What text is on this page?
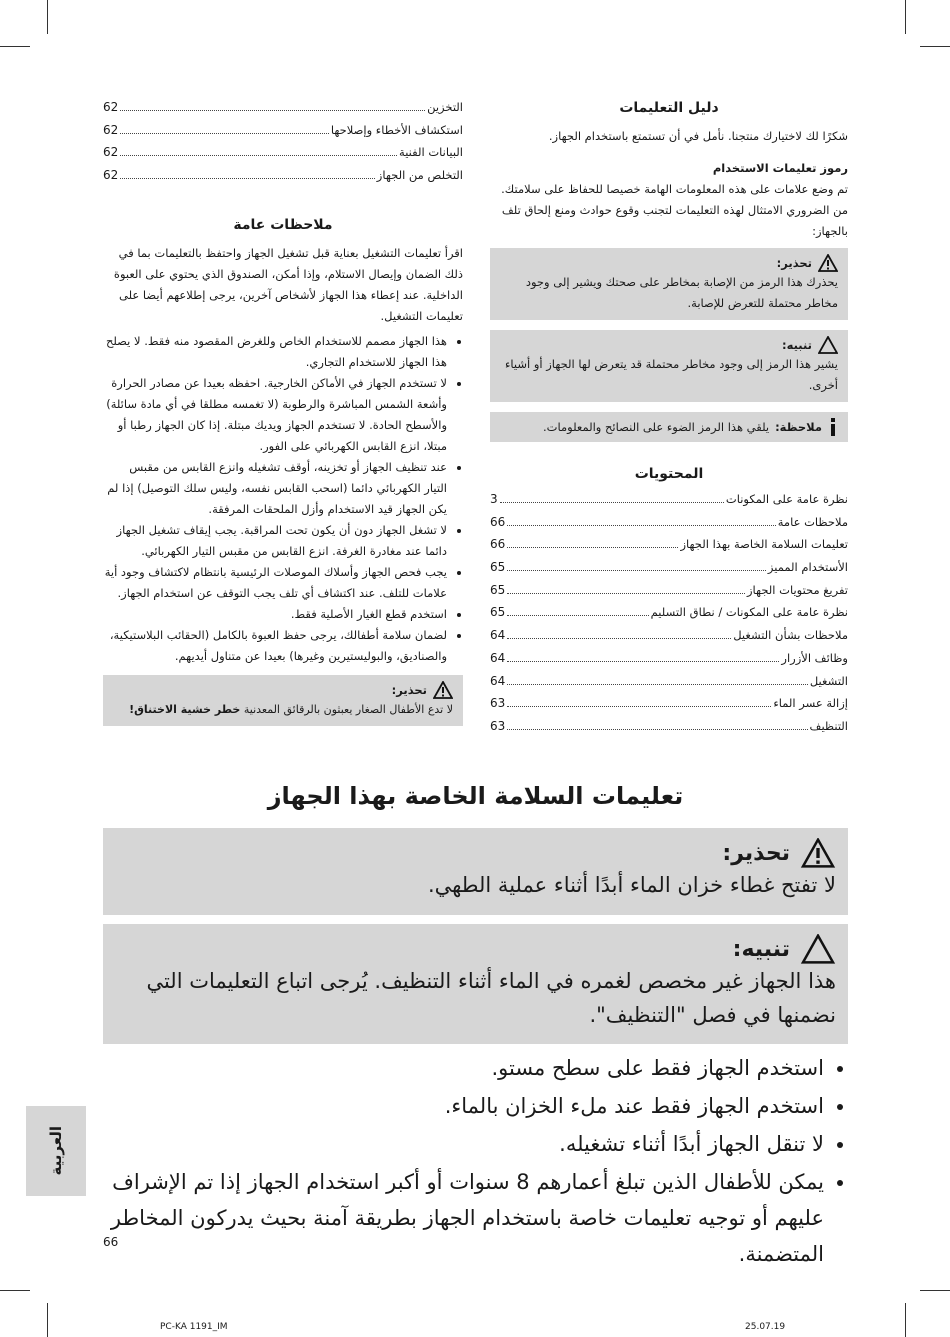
دليل التعليمات

شكرًا لك لاختيارك منتجنا. نأمل في أن تستمتع باستخدام الجهاز.

رموز تعليمات الاستخدام

تم وضع علامات على هذه المعلومات الهامة خصيصا للحفاظ على سلامتك. من الضروري الامتثال لهذه التعليمات لتجنب وقوع حوادث ومنع إلحاق تلف بالجهاز:

تحذير:
يحذرك هذا الرمز من الإصابة بمخاطر على صحتك ويشير إلى وجود مخاطر محتملة للتعرض للإصابة.
تنبيه:
يشير هذا الرمز إلى وجود مخاطر محتملة قد يتعرض لها الجهاز أو أشياء أخرى.
ملاحظة:
يلقي هذا الرمز الضوء على النصائح والمعلومات.
المحتويات
نظرة عامة على المكونات
3
ملاحظات عامة
66
تعليمات السلامة الخاصة بهذا الجهاز
66
الأستخدام المميز
65
تفريغ محتويات الجهاز
65
نظرة عامة على المكونات / نطاق التسليم
65
ملاحظات بشأن التشغيل
64
وظائف الأزرار
64
التشغيل
64
إزالة عسر الماء
63
التنظيف
63
التخزين
62
استكشاف الأخطاء وإصلاحها
62
البيانات الفنية
62
التخلص من الجهاز
62
ملاحظات عامة

اقرأ تعليمات التشغيل بعناية قبل تشغيل الجهاز واحتفظ بالتعليمات بما في ذلك الضمان وإيصال الاستلام، وإذا أمكن، الصندوق الذي يحتوي على العبوة الداخلية. عند إعطاء هذا الجهاز لأشخاص آخرين، يرجى إطلاعهم أيضا على تعليمات التشغيل.

• هذا الجهاز مصمم للاستخدام الخاص وللغرض المقصود منه فقط. لا يصلح هذا الجهاز للاستخدام التجاري.
• لا تستخدم الجهاز في الأماكن الخارجية. احفظه بعيدا عن مصادر الحرارة وأشعة الشمس المباشرة والرطوبة (لا تغمسه مطلقا في أي مادة سائلة) والأسطح الحادة. لا تستخدم الجهاز ويديك مبتلة. إذا كان الجهاز رطبا أو مبتلا، انزع القابس الكهربائي على الفور.
• عند تنظيف الجهاز أو تخزينه، أوقف تشغيله وانزع القابس من مقبس التيار الكهربائي دائما (اسحب القابس نفسه، وليس سلك التوصيل) إذا لم يكن الجهاز قيد الاستخدام وأزل الملحقات المرفقة.
• لا تشغل الجهاز دون أن يكون تحت المراقبة. يجب إيقاف تشغيل الجهاز دائما عند مغادرة الغرفة. انزع القابس من مقبس التيار الكهربائي.
• يجب فحص الجهاز وأسلاك الموصلات الرئيسية بانتظام لاكتشاف وجود أية علامات للتلف. عند اكتشاف أي تلف يجب التوقف عن استخدام الجهاز.
• استخدم قطع الغيار الأصلية فقط.
• لضمان سلامة أطفالك، يرجى حفظ العبوة بالكامل (الحقائب البلاستيكية، والصناديق، والبوليستيرين وغيرها) بعيدا عن متناول أيديهم.
تحذير:
لا تدع الأطفال الصغار يعبثون بالرقائق المعدنية خطر خشية الاختناق!
تعليمات السلامة الخاصة بهذا الجهاز
تحذير:
لا تفتح غطاء خزان الماء أبدًا أثناء عملية الطهي.
تنبيه:
هذا الجهاز غير مخصص لغمره في الماء أثناء التنظيف. يُرجى اتباع التعليمات التي نضمنها في فصل "التنظيف".
• استخدم الجهاز فقط على سطح مستو.
• استخدم الجهاز فقط عند ملء الخزان بالماء.
• لا تنقل الجهاز أبدًا أثناء تشغيله.
• يمكن للأطفال الذين تبلغ أعمارهم 8 سنوات أو أكبر استخدام الجهاز إذا تم الإشراف عليهم أو توجيه تعليمات خاصة باستخدام الجهاز بطريقة آمنة بحيث يدركون المخاطر المتضمنة.
العربية
66
PC-KA 1191_IM	25.07.19
